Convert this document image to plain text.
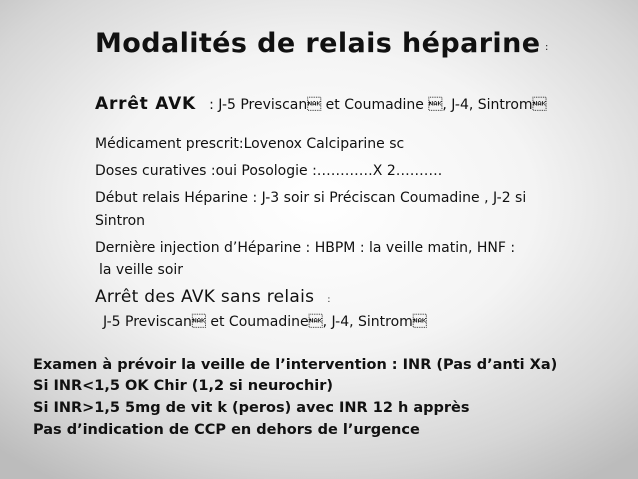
Modalités de relais héparine :
Arrêt AVK : J-5 Previscan et Coumadine , J-4, Sintrom
Médicament prescrit:Lovenox Calciparine sc
Doses curatives :oui Posologie :…………X 2……….
Début relais Héparine : J-3 soir si Préciscan Coumadine , J-2 si
Sintron
Dernière injection d’Héparine : HBPM : la veille matin, HNF :
la veille soir
Arrêt des AVK sans relais :
J-5 Previscan et Coumadine, J-4, Sintrom
Examen à prévoir la veille de l’intervention : INR (Pas d’anti Xa)
Si INR<1,5 OK Chir (1,2 si neurochir)
Si INR>1,5 5mg de vit k (peros) avec INR 12 h apprès
Pas d’indication de CCP en dehors de l’urgence
